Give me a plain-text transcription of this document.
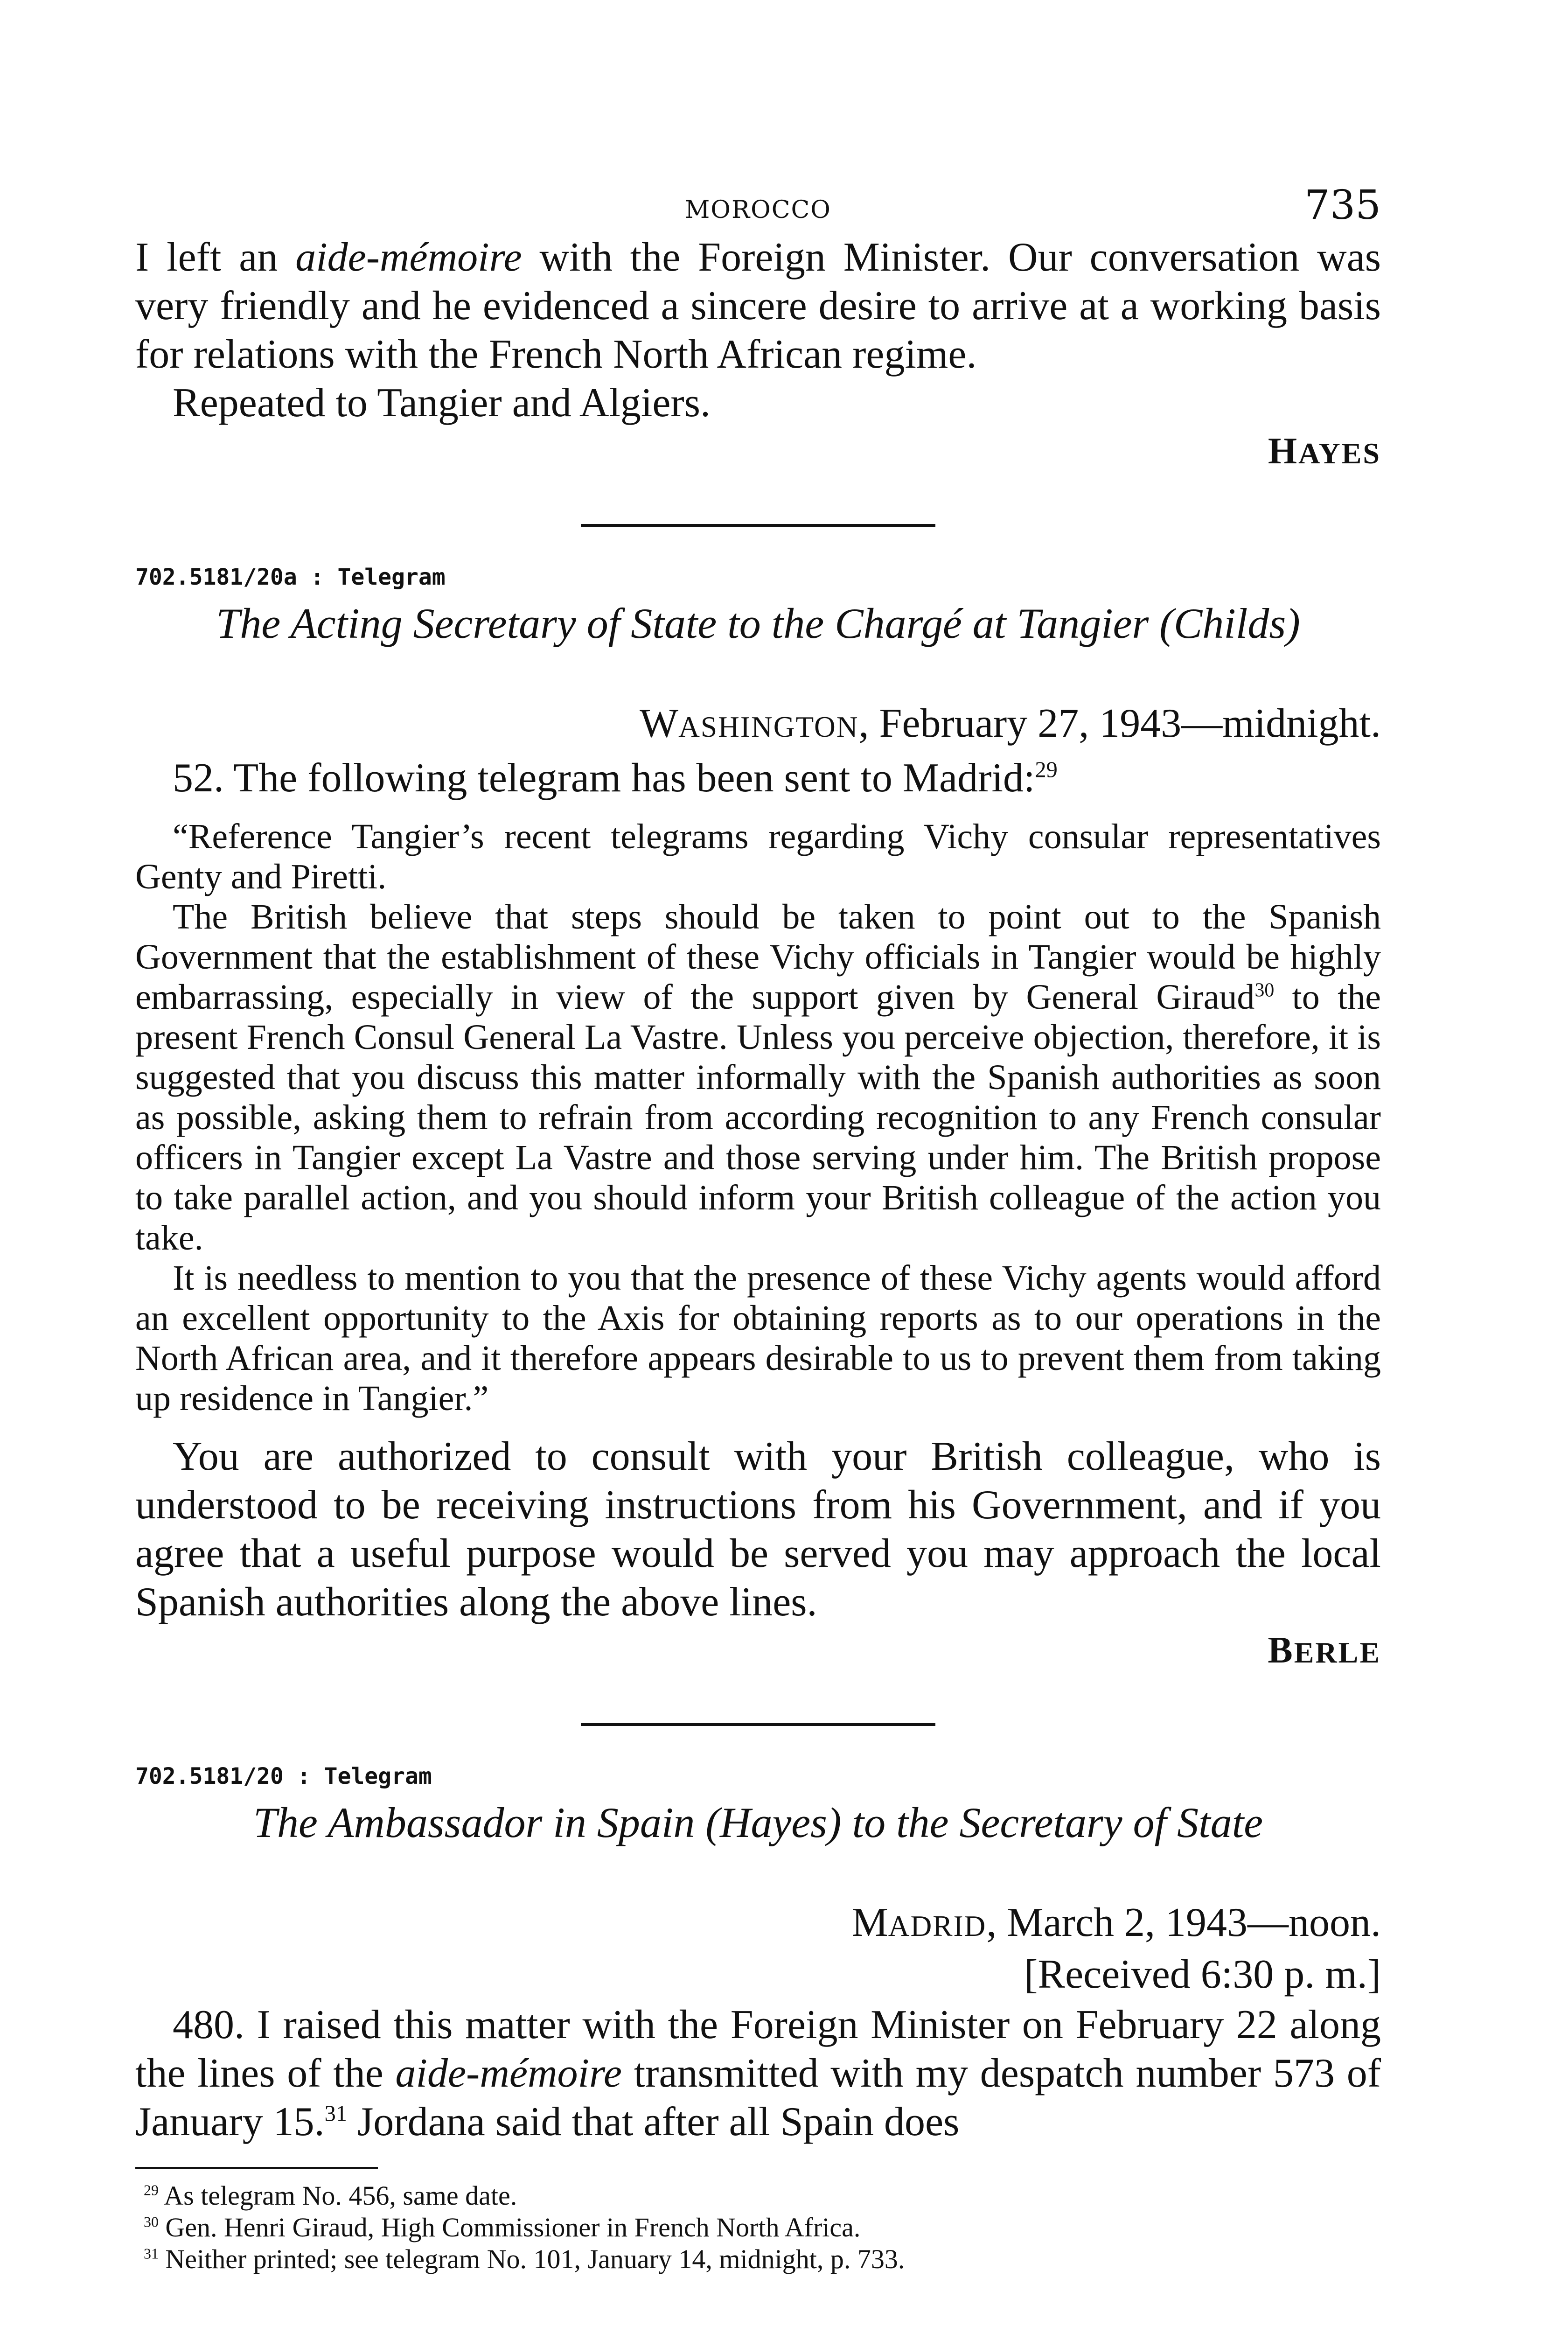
MOROCCO	735

I left an aide-mémoire with the Foreign Minister. Our conversation was very friendly and he evidenced a sincere desire to arrive at a working basis for relations with the French North African regime.

Repeated to Tangier and Algiers.

HAYES
702.5181/20a : Telegram
The Acting Secretary of State to the Chargé at Tangier (Childs)
WASHINGTON, February 27, 1943—midnight.

52. The following telegram has been sent to Madrid:$^{29}$

“Reference Tangier’s recent telegrams regarding Vichy consular representatives Genty and Piretti.

The British believe that steps should be taken to point out to the Spanish Government that the establishment of these Vichy officials in Tangier would be highly embarrassing, especially in view of the support given by General Giraud$^{30}$ to the present French Consul General La Vastre. Unless you perceive objection, therefore, it is suggested that you discuss this matter informally with the Spanish authorities as soon as possible, asking them to refrain from according recognition to any French consular officers in Tangier except La Vastre and those serving under him. The British propose to take parallel action, and you should inform your British colleague of the action you take.

It is needless to mention to you that the presence of these Vichy agents would afford an excellent opportunity to the Axis for obtaining reports as to our operations in the North African area, and it therefore appears desirable to us to prevent them from taking up residence in Tangier.”

You are authorized to consult with your British colleague, who is understood to be receiving instructions from his Government, and if you agree that a useful purpose would be served you may approach the local Spanish authorities along the above lines.

BERLE
702.5181/20 : Telegram
The Ambassador in Spain (Hayes) to the Secretary of State
MADRID, March 2, 1943—noon.
[Received 6:30 p. m.]

480. I raised this matter with the Foreign Minister on February 22 along the lines of the aide-mémoire transmitted with my despatch number 573 of January 15.31 Jordana said that after all Spain does

$^{29}$ As telegram No. 456, same date.
$^{30}$ Gen. Henri Giraud, High Commissioner in French North Africa.
$^{31}$ Neither printed; see telegram No. 101, January 14, midnight, p. 733.
